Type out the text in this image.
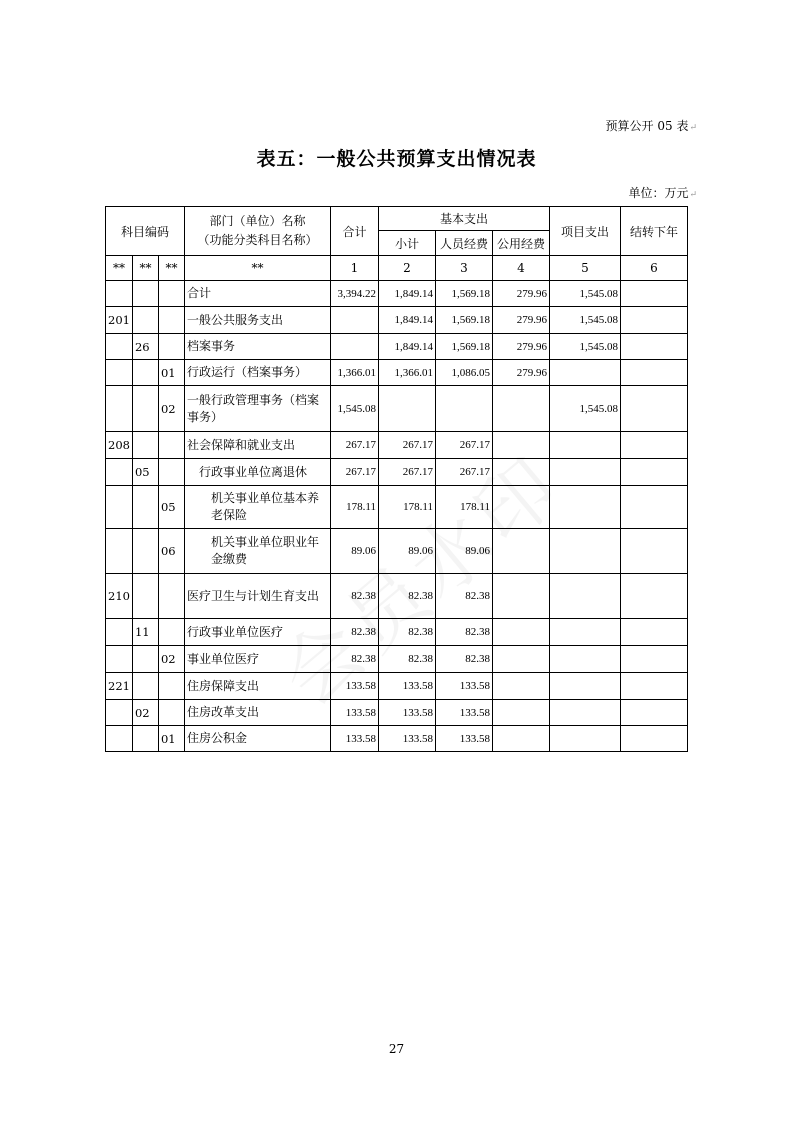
预算公开 05 表↵
表五：一般公共预算支出情况表
单位：万元↵
科目编码			部门（单位）名称
（功能分类科目名称）	合计	基本支出			项目支出	结转下年
					小计	人员经费	公用经费		
**	**	**	**	1	2	3	4	5	6
			合计	3,394.22	1,849.14	1,569.18	279.96	1,545.08	
201			一般公共服务支出		1,849.14	1,569.18	279.96	1,545.08	
	26		档案事务		1,849.14	1,569.18	279.96	1,545.08	
		01	行政运行（档案事务）	1,366.01	1,366.01	1,086.05	279.96		
		02	一般行政管理事务（档案事务）	1,545.08				1,545.08	
208			社会保障和就业支出	267.17	267.17	267.17			
	05		行政事业单位离退休	267.17	267.17	267.17			
		05	机关事业单位基本养老保险	178.11	178.11	178.11			
		06	机关事业单位职业年金缴费	89.06	89.06	89.06			
210			医疗卫生与计划生育支出	82.38	82.38	82.38			
	11		行政事业单位医疗	82.38	82.38	82.38			
		02	事业单位医疗	82.38	82.38	82.38			
221			住房保障支出	133.58	133.58	133.58			
	02		住房改革支出	133.58	133.58	133.58			
		01	住房公积金	133.58	133.58	133.58			
27
